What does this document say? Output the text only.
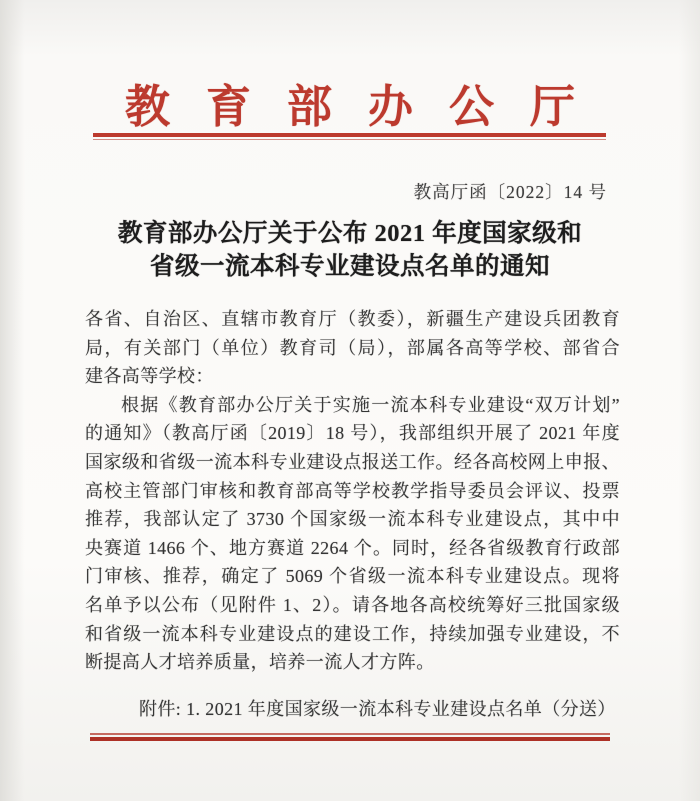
教育部办公厅
教高厅函〔2022〕14 号
教育部办公厅关于公布 2021 年度国家级和
省级一流本科专业建设点名单的通知
各省、自治区、直辖市教育厅（教委），新疆生产建设兵团教育
局，有关部门（单位）教育司（局），部属各高等学校、部省合
建各高等学校：
根据《教育部办公厅关于实施一流本科专业建设“双万计划”
的通知》（教高厅函〔2019〕18 号），我部组织开展了 2021 年度
国家级和省级一流本科专业建设点报送工作。经各高校网上申报、
高校主管部门审核和教育部高等学校教学指导委员会评议、投票
推荐，我部认定了 3730 个国家级一流本科专业建设点，其中中
央赛道 1466 个、地方赛道 2264 个。同时，经各省级教育行政部
门审核、推荐，确定了 5069 个省级一流本科专业建设点。现将
名单予以公布（见附件 1、2）。请各地各高校统筹好三批国家级
和省级一流本科专业建设点的建设工作，持续加强专业建设，不
断提高人才培养质量，培养一流人才方阵。
附件: 1. 2021 年度国家级一流本科专业建设点名单（分送）
